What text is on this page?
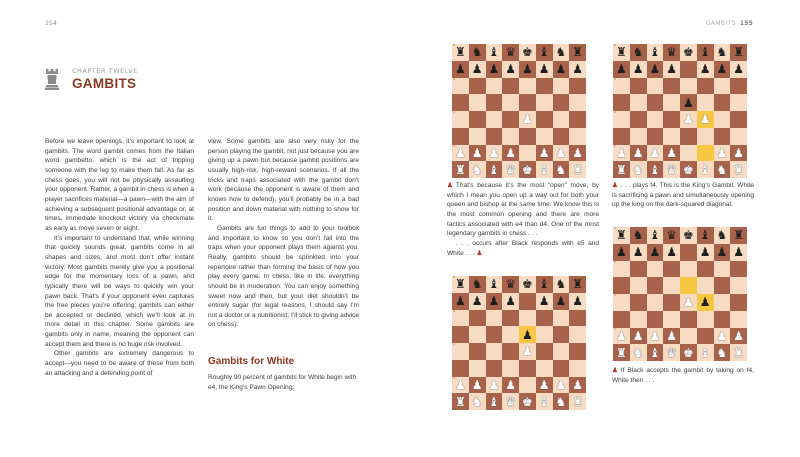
154
CHAPTER TWELVE
GAMBITS

Before we leave openings, it’s important to look at gambits. The word gambit comes from the Italian word gambetto, which is the act of tripping someone with the leg to make them fall. As far as chess goes, you will not be physically assaulting your opponent. Rather, a gambit in chess is when a player sacrifices material—a pawn—with the aim of achieving a subsequent positional advantage or, at times, immediate knockout victory via checkmate as early as move seven or eight.

It’s important to understand that, while winning that quickly sounds great, gambits come in all shapes and sizes, and most don’t offer instant victory. Most gambits merely give you a positional edge for the momentary loss of a pawn, and typically there will be ways to quickly win your pawn back. That’s if your opponent even captures the free pieces you’re offering; gambits can either be accepted or declined, which we’ll look at in more detail in this chapter. Some gambits are gambits only in name, meaning the opponent can accept them and there is no huge risk involved.

Other gambits are extremely dangerous to accept—you need to be aware of these from both an attacking and a defending point of

view. Some gambits are also very risky for the person playing the gambit, not just because you are giving up a pawn but because gambit positions are usually high-risk, high-reward scenarios. If all the tricks and traps associated with the gambit don’t work (because the opponent is aware of them and knows how to defend), you’ll probably be in a bad position and down material with nothing to show for it.

Gambits are fun things to add to your toolbox and important to know so you don’t fall into the traps when your opponent plays them against you. Really, gambits should be sprinkled into your repertoire rather than forming the basis of how you play every game. In chess, like in life, everything should be in moderation. You can enjoy something sweet now and then, but your diet shouldn’t be entirely sugar (for legal reasons, I should say I’m not a doctor or a nutritionist; I’ll stick to giving advice on chess).

Gambits for White
Roughly 90 percent of gambits for White begin with e4, the King’s Pawn Opening:
GAMBITS 155
8
♜ ♞ ♝ ♛ ♚ ♝ ♞ ♜
7
♟ ♟ ♟ ♟ ♟ ♟ ♟ ♟
6
5
4
♟
3
2
♟ ♟ ♟ ♟ ♟ ♟ ♟
1
♜ ♞ ♝ ♛ ♚ ♝ ♞ ♜
8
♜ ♞ ♝ ♛ ♚ ♝ ♞ ♜
7
♟ ♟ ♟ ♟ ♟ ♟ ♟
6
5
♟
4
♟ ♟
3
2
♟ ♟ ♟ ♟	♟ ♟
1
♜ ♞ ♝ ♛ ♚ ♝ ♞ ♜
8
♜ ♞ ♝ ♛ ♚ ♝ ♞ ♜
7
♟ ♟ ♟ ♟ ♟ ♟ ♟
6
5
♟
4
♟
3
2
♟ ♟ ♟ ♟ ♟ ♟ ♟
1
♜ ♞ ♝ ♛ ♚ ♝ ♞ ♜
8
♜ ♞ ♝ ♛ ♚ ♝ ♞ ♜
7
♟ ♟ ♟ ♟ ♟ ♟ ♟
6
5
4
♟ ♟
3
2
♟ ♟ ♟ ♟	♟ ♟
1
♜ ♞ ♝ ♛ ♚ ♝ ♞ ♜

♟ That’s because it’s the most “open” move, by which I mean you open up a way out for both your queen and bishop at the same time. We know this is the most common opening and there are more tactics associated with e4 than d4. One of the most legendary gambits in chess . . .

. . . occurs after Black responds with e5 and White . . . ♟

♟ . . . plays f4. This is the King’s Gambit. White is sacrificing a pawn and simultaneously opening up the king on the dark-squared diagonal.

♟ If Black accepts the gambit by taking on f4, White then . . .
